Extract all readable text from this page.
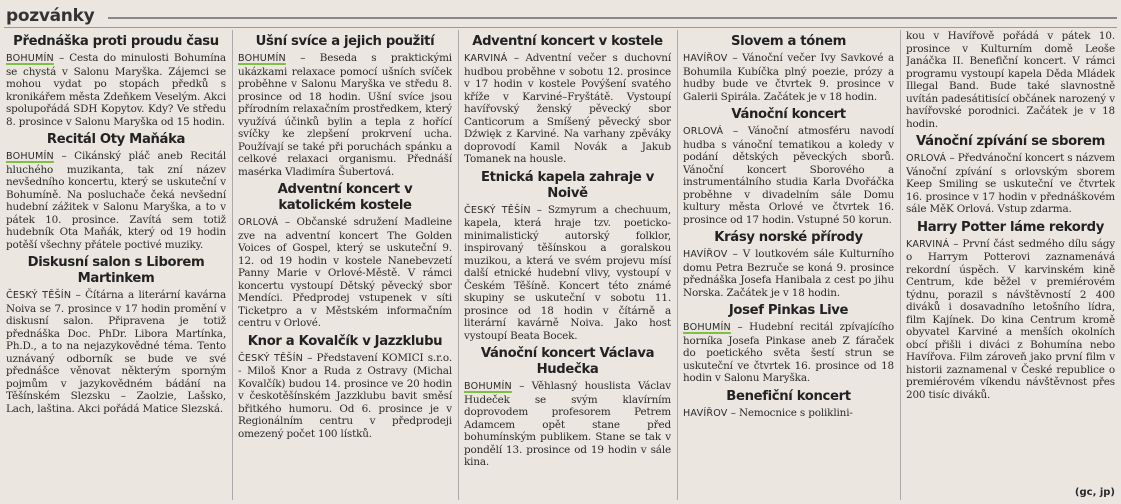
pozvánky
Přednáška proti proudu času

BOHUMÍN – Cesta do minulosti Bohumína se chystá v Salonu Maryška. Zájemci se mohou vydat po stopách předků s kronikářem města Zdeňkem Veselým. Akci spolupořádá SDH Kopytov. Kdy? Ve středu 8. prosince v Salonu Maryška od 15 hodin.

Recitál Oty Maňáka

BOHUMÍN – Cikánský pláč aneb Recitál hluchého muzikanta, tak zní název nevšedního koncertu, který se uskuteční v Bohumíně. Na posluchače čeká nevšední hudební zážitek v Salonu Maryška, a to v pátek 10. prosince. Zavítá sem totiž hudebník Ota Maňák, který od 19 hodin potěší všechny přátele poctivé muziky.

Diskusní salon s Liborem Martinkem

ČESKÝ TĚŠÍN – Čítárna a literární kavárna Noiva se 7. prosince v 17 hodin promění v diskusní salon. Připravena je totiž přednáška Doc. PhDr. Libora Martínka, Ph.D., a to na nejazykovědné téma. Tento uznávaný odborník se bude ve své přednášce věnovat některým sporným pojmům v jazykovědném bádání na Těšínském Slezsku – Zaolzie, Lašsko, Lach, laština. Akci pořádá Matice Slezská.

Ušní svíce a jejich použití

BOHUMÍN – Beseda s praktickými ukázkami relaxace pomocí ušních svíček proběhne v Salonu Maryška ve středu 8. prosince od 18 hodin. Ušní svíce jsou přírodním relaxačním prostředkem, který využívá účinků bylin a tepla z hořící svíčky ke zlepšení prokrvení ucha. Používají se také při poruchách spánku a celkové relaxaci organismu. Přednáší masérka Vladimíra Šubertová.

Adventní koncert v katolickém kostele

ORLOVÁ – Občanské sdružení Madleine zve na adventní koncert The Golden Voices of Gospel, který se uskuteční 9. 12. od 19 hodin v kostele Nanebevzetí Panny Marie v Orlové-Městě. V rámci koncertu vystoupí Dětský pěvecký sbor Mendíci. Předprodej vstupenek v síti Ticketpro a v Městském informačním centru v Orlové.

Knor a Kovalčík v Jazzklubu

ČESKÝ TĚŠÍN – Představení KOMICI s.r.o. - Miloš Knor a Ruda z Ostravy (Michal Kovalčík) budou 14. prosince ve 20 hodin v českotěšínském Jazzklubu bavit směsí břitkého humoru. Od 6. prosince je v Regionálním centru v předprodeji omezený počet 100 lístků.

Adventní koncert v kostele

KARVINÁ – Adventní večer s duchovní hudbou proběhne v sobotu 12. prosince v 17 hodin v kostele Povýšení svatého kříže v Karviné–Fryštátě. Vystoupí havířovský ženský pěvecký sbor Canticorum a Smíšený pěvecký sbor Dźwięk z Karviné. Na varhany zpěváky doprovodí Kamil Novák a Jakub Tomanek na housle.

Etnická kapela zahraje v Noivě

ČESKÝ TĚŠÍN – Szmyrum a chechuum, kapela, která hraje tzv. poeticko-minimalistický autorský folklor, inspirovaný těšínskou a goralskou muzikou, a která ve svém projevu mísí další etnické hudební vlivy, vystoupí v Českém Těšíně. Koncert této známé skupiny se uskuteční v sobotu 11. prosince od 18 hodin v čítárně a literární kavárně Noiva. Jako host vystoupí Beata Bocek.

Vánoční koncert Václava Hudečka

BOHUMÍN – Věhlasný houslista Václav Hudeček se svým klavírním doprovodem profesorem Petrem Adamcem opět stane před bohumínským publikem. Stane se tak v pondělí 13. prosince od 19 hodin v sále kina.

Slovem a tónem

HAVÍŘOV – Vánoční večer Ivy Savkové a Bohumila Kubíčka plný poezie, prózy a hudby bude ve čtvrtek 9. prosince v Galerii Spirála. Začátek je v 18 hodin.

Vánoční koncert

ORLOVÁ – Vánoční atmosféru navodí hudba s vánoční tematikou a koledy v podání dětských pěveckých sborů. Vánoční koncert Sborového a instrumentálního studia Karla Dvořáčka proběhne v divadelním sále Domu kultury města Orlové ve čtvrtek 16. prosince od 17 hodin. Vstupné 50 korun.

Krásy norské přírody

HAVÍŘOV – V loutkovém sále Kulturního domu Petra Bezruče se koná 9. prosince přednáška Josefa Hanibala z cest po jihu Norska. Začátek je v 18 hodin.

Josef Pinkas Live

BOHUMÍN – Hudební recitál zpívajícího horníka Josefa Pinkase aneb Z fáraček do poetického světa šestí strun se uskuteční ve čtvrtek 16. prosince od 18 hodin v Salonu Maryška.

Benefiční koncert

HAVÍŘOV – Nemocnice s poliklini-

kou v Havířově pořádá v pátek 10. prosince v Kulturním domě Leoše Janáčka II. Benefiční koncert. V rámci programu vystoupí kapela Děda Mládek Illegal Band. Bude také slavnostně uvítán padesátitisící občánek narozený v havířovské porodnici. Začátek je v 18 hodin.

Vánoční zpívání se sborem

ORLOVÁ – Předvánoční koncert s názvem Vánoční zpívání s orlovským sborem Keep Smiling se uskuteční ve čtvrtek 16. prosince v 17 hodin v přednáškovém sále MěK Orlová. Vstup zdarma.

Harry Potter láme rekordy

KARVINÁ – První část sedmého dílu ságy o Harrym Potterovi zaznamenává rekordní úspěch. V karvinském kině Centrum, kde běžel v premiérovém týdnu, porazil s návštěvností 2 400 diváků i dosavadního letošního lídra, film Kajínek. Do kina Centrum kromě obyvatel Karviné a menších okolních obcí přišli i diváci z Bohumína nebo Havířova. Film zároveň jako první film v historii zaznamenal v České republice o premiérovém víkendu návštěvnost přes 200 tisíc diváků.

(gc, jp)
